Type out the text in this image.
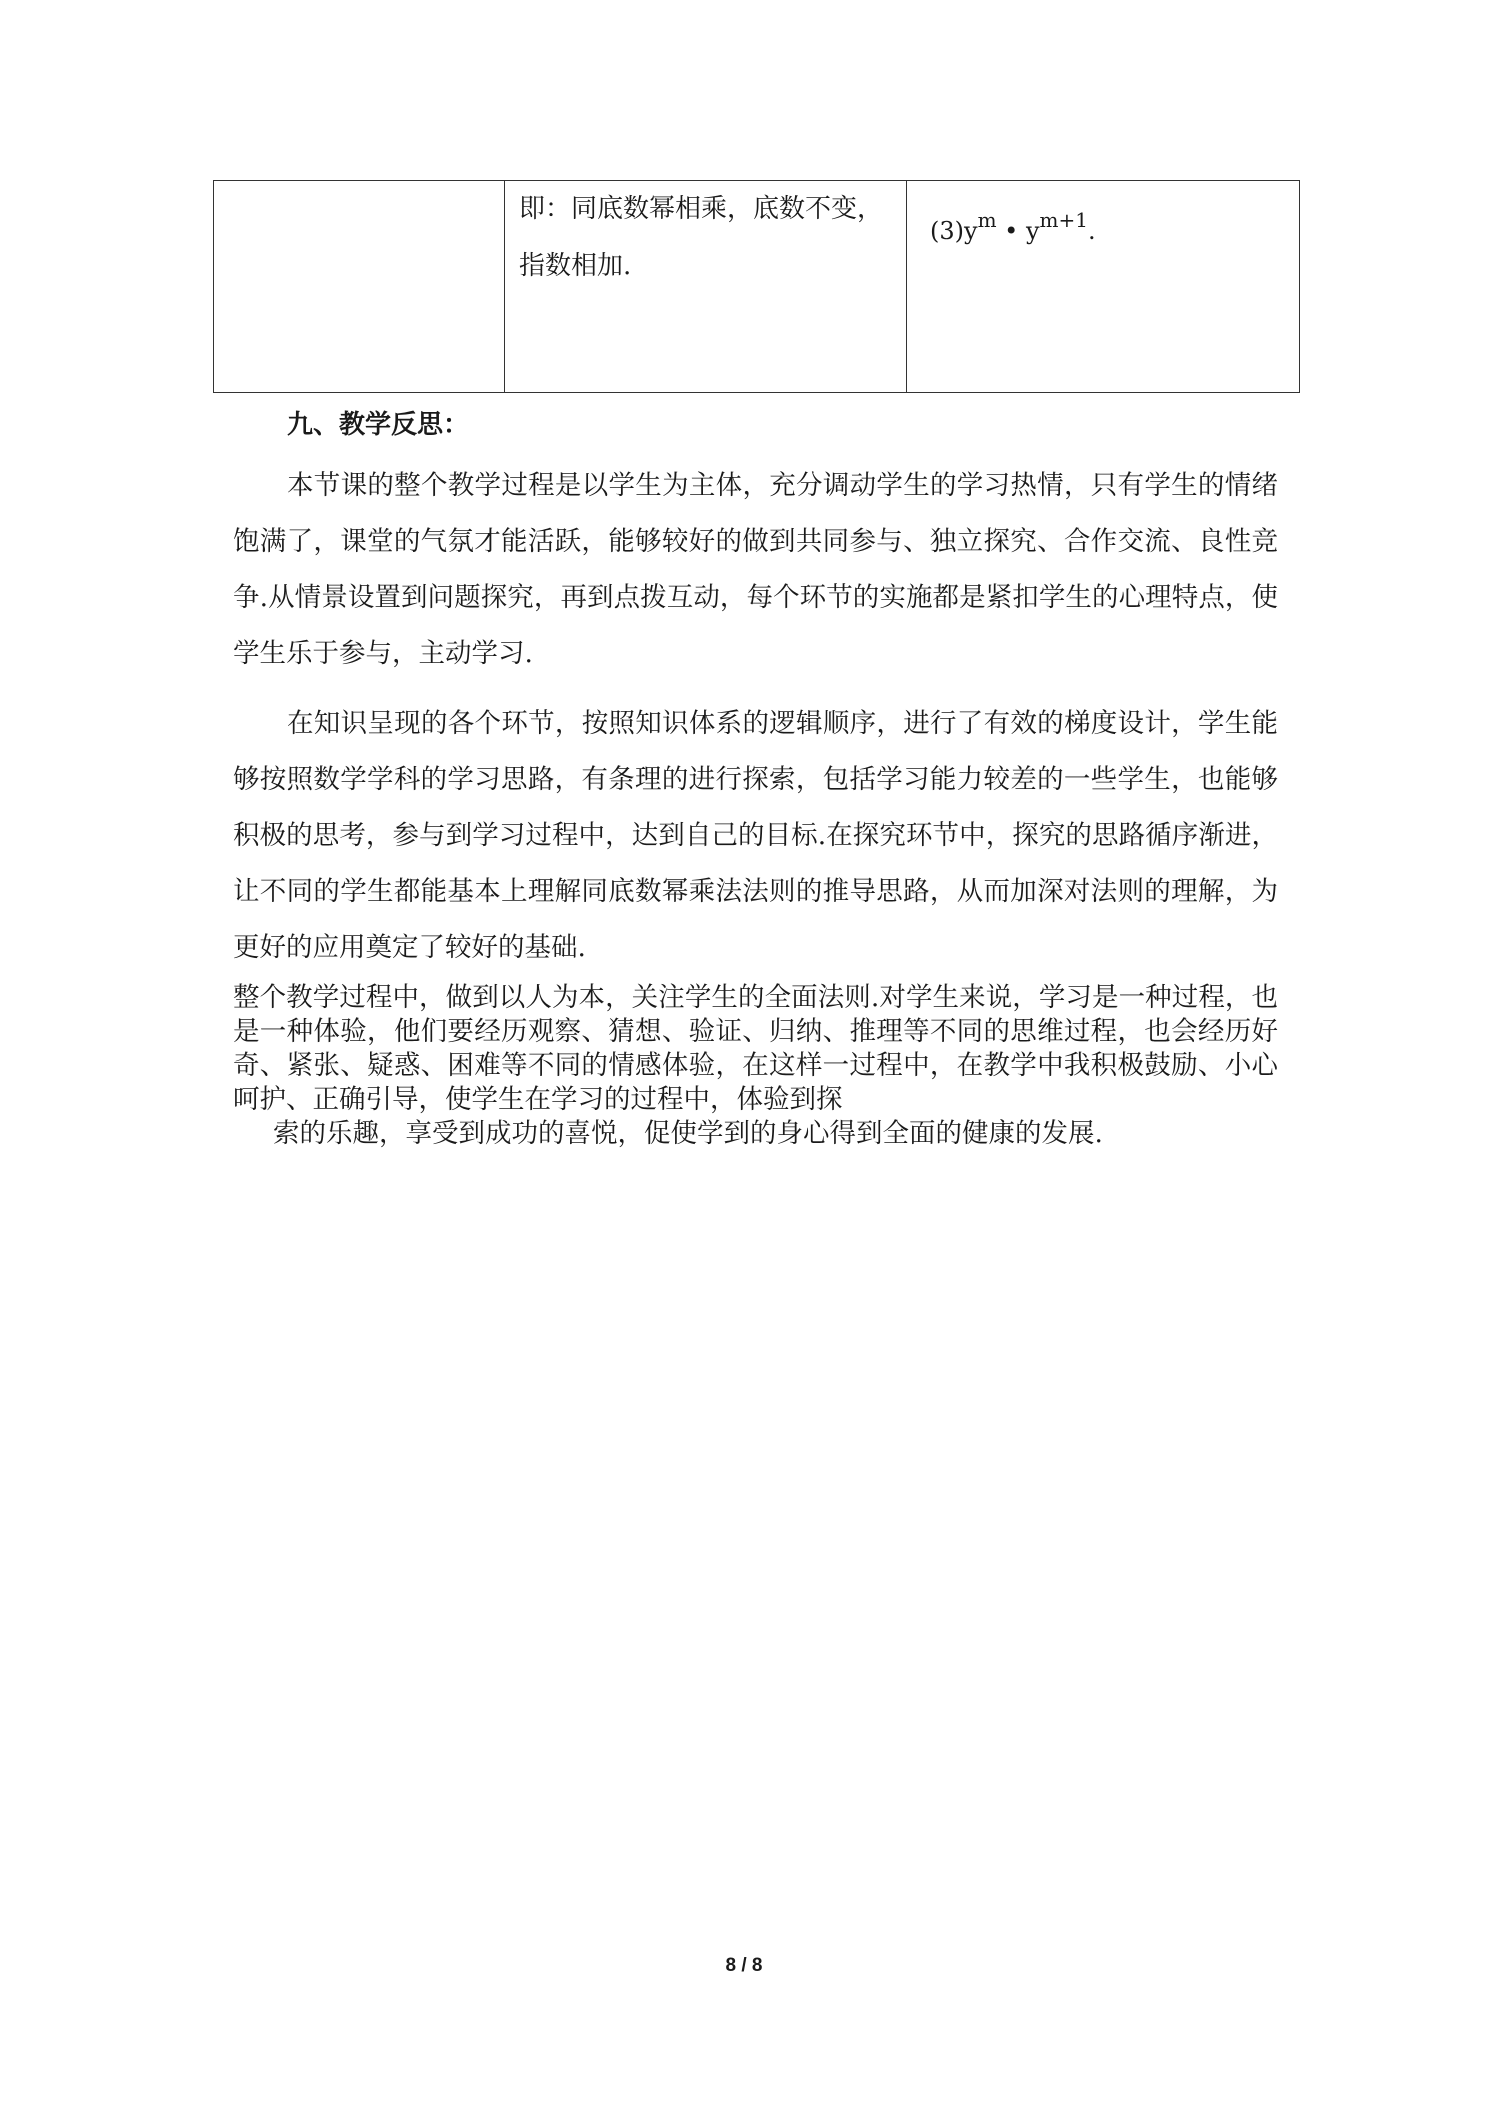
即：同底数幂相乘，底数不变，
指数相加.
$(3)y^m$ • $y^{m+1}$.
九、教学反思：
本节课的整个教学过程是以学生为主体，充分调动学生的学习热情，只有学生的情绪饱满了，课堂的气氛才能活跃，能够较好的做到共同参与、独立探究、合作交流、良性竞争.从情景设置到问题探究，再到点拨互动，每个环节的实施都是紧扣学生的心理特点，使学生乐于参与，主动学习.
在知识呈现的各个环节，按照知识体系的逻辑顺序，进行了有效的梯度设计，学生能够按照数学学科的学习思路，有条理的进行探索，包括学习能力较差的一些学生，也能够积极的思考，参与到学习过程中，达到自己的目标.在探究环节中，探究的思路循序渐进，让不同的学生都能基本上理解同底数幂乘法法则的推导思路，从而加深对法则的理解，为更好的应用奠定了较好的基础.
整个教学过程中，做到以人为本，关注学生的全面法则.对学生来说，学习是一种过程，也是一种体验，他们要经历观察、猜想、验证、归纳、推理等不同的思维过程，也会经历好奇、紧张、疑惑、困难等不同的情感体验，在这样一过程中，在教学中我积极鼓励、小心呵护、正确引导，使学生在学习的过程中，体验到探
索的乐趣，享受到成功的喜悦，促使学到的身心得到全面的健康的发展.
8 / 8
